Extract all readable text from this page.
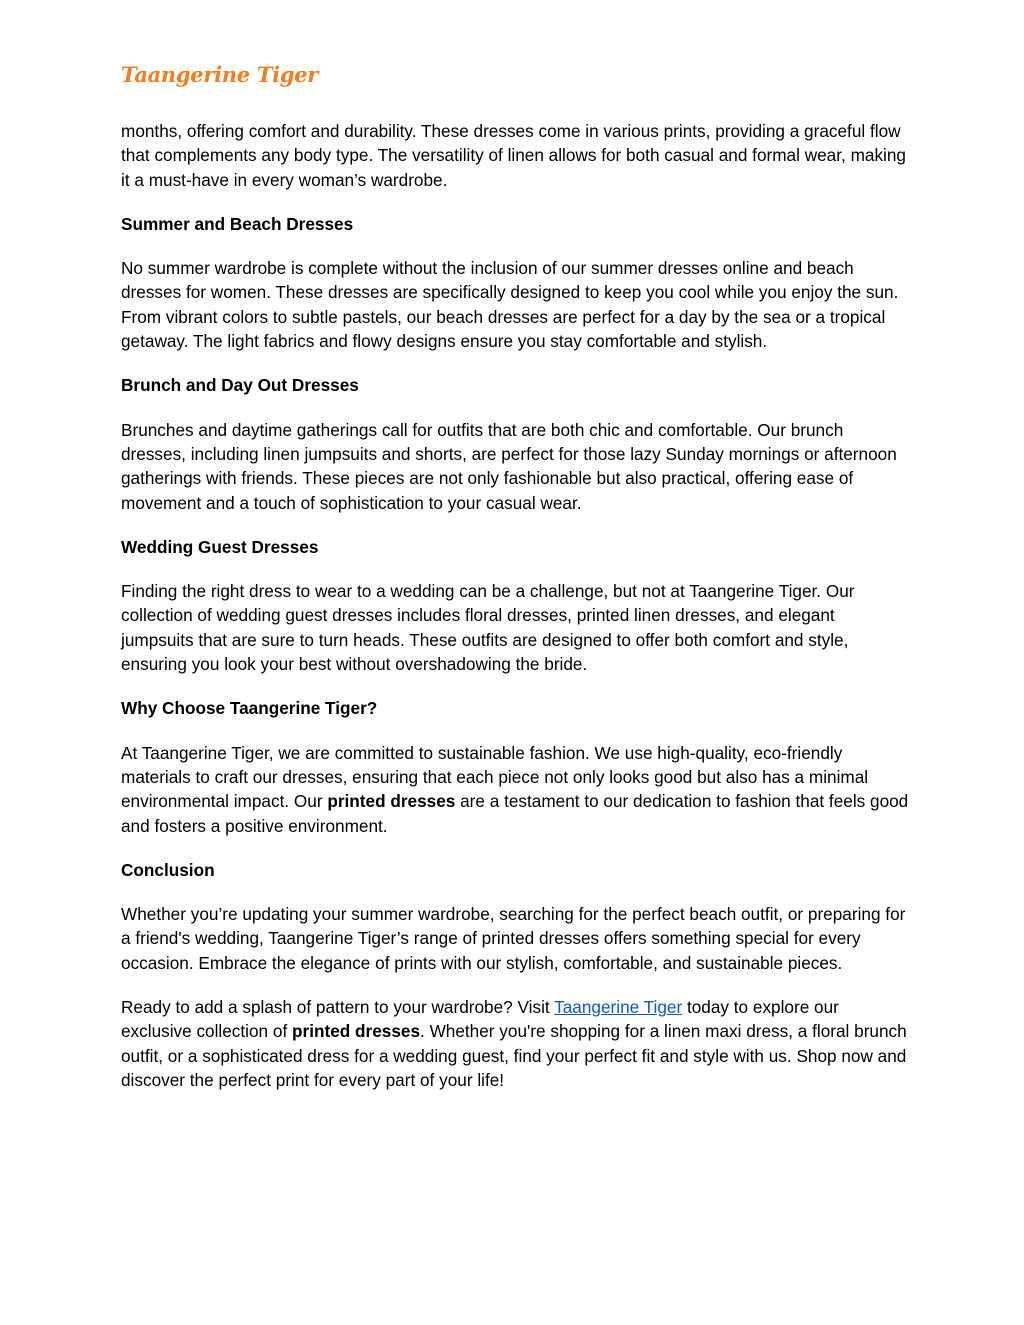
Taangerine Tiger

months, offering comfort and durability. These dresses come in various prints, providing a graceful flow that complements any body type. The versatility of linen allows for both casual and formal wear, making it a must-have in every woman’s wardrobe.

Summer and Beach Dresses

No summer wardrobe is complete without the inclusion of our summer dresses online and beach dresses for women. These dresses are specifically designed to keep you cool while you enjoy the sun. From vibrant colors to subtle pastels, our beach dresses are perfect for a day by the sea or a tropical getaway. The light fabrics and flowy designs ensure you stay comfortable and stylish.

Brunch and Day Out Dresses

Brunches and daytime gatherings call for outfits that are both chic and comfortable. Our brunch dresses, including linen jumpsuits and shorts, are perfect for those lazy Sunday mornings or afternoon gatherings with friends. These pieces are not only fashionable but also practical, offering ease of movement and a touch of sophistication to your casual wear.

Wedding Guest Dresses

Finding the right dress to wear to a wedding can be a challenge, but not at Taangerine Tiger. Our collection of wedding guest dresses includes floral dresses, printed linen dresses, and elegant jumpsuits that are sure to turn heads. These outfits are designed to offer both comfort and style, ensuring you look your best without overshadowing the bride.

Why Choose Taangerine Tiger?

At Taangerine Tiger, we are committed to sustainable fashion. We use high-quality, eco-friendly materials to craft our dresses, ensuring that each piece not only looks good but also has a minimal environmental impact. Our printed dresses are a testament to our dedication to fashion that feels good and fosters a positive environment.

Conclusion

Whether you’re updating your summer wardrobe, searching for the perfect beach outfit, or preparing for a friend's wedding, Taangerine Tiger’s range of printed dresses offers something special for every occasion. Embrace the elegance of prints with our stylish, comfortable, and sustainable pieces.

Ready to add a splash of pattern to your wardrobe? Visit Taangerine Tiger today to explore our exclusive collection of printed dresses. Whether you're shopping for a linen maxi dress, a floral brunch outfit, or a sophisticated dress for a wedding guest, find your perfect fit and style with us. Shop now and discover the perfect print for every part of your life!
